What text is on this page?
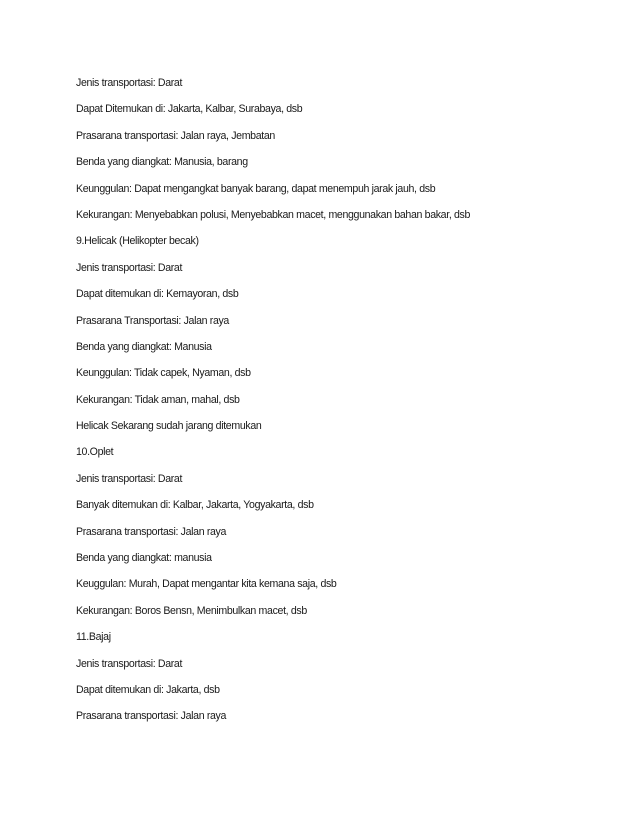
Jenis transportasi: Darat
Dapat Ditemukan di: Jakarta, Kalbar, Surabaya, dsb
Prasarana transportasi: Jalan raya, Jembatan
Benda yang diangkat: Manusia, barang
Keunggulan: Dapat mengangkat banyak barang, dapat menempuh jarak jauh, dsb
Kekurangan: Menyebabkan polusi, Menyebabkan macet, menggunakan bahan bakar, dsb
9.Helicak (Helikopter becak)
Jenis transportasi: Darat
Dapat ditemukan di: Kemayoran, dsb
Prasarana Transportasi: Jalan raya
Benda yang diangkat: Manusia
Keunggulan: Tidak capek, Nyaman, dsb
Kekurangan: Tidak aman, mahal, dsb
Helicak Sekarang sudah jarang ditemukan
10.Oplet
Jenis transportasi: Darat
Banyak ditemukan di: Kalbar, Jakarta, Yogyakarta, dsb
Prasarana transportasi: Jalan raya
Benda yang diangkat: manusia
Keuggulan: Murah, Dapat mengantar kita kemana saja, dsb
Kekurangan: Boros Bensn, Menimbulkan macet, dsb
11.Bajaj
Jenis transportasi: Darat
Dapat ditemukan di: Jakarta, dsb
Prasarana transportasi: Jalan raya
